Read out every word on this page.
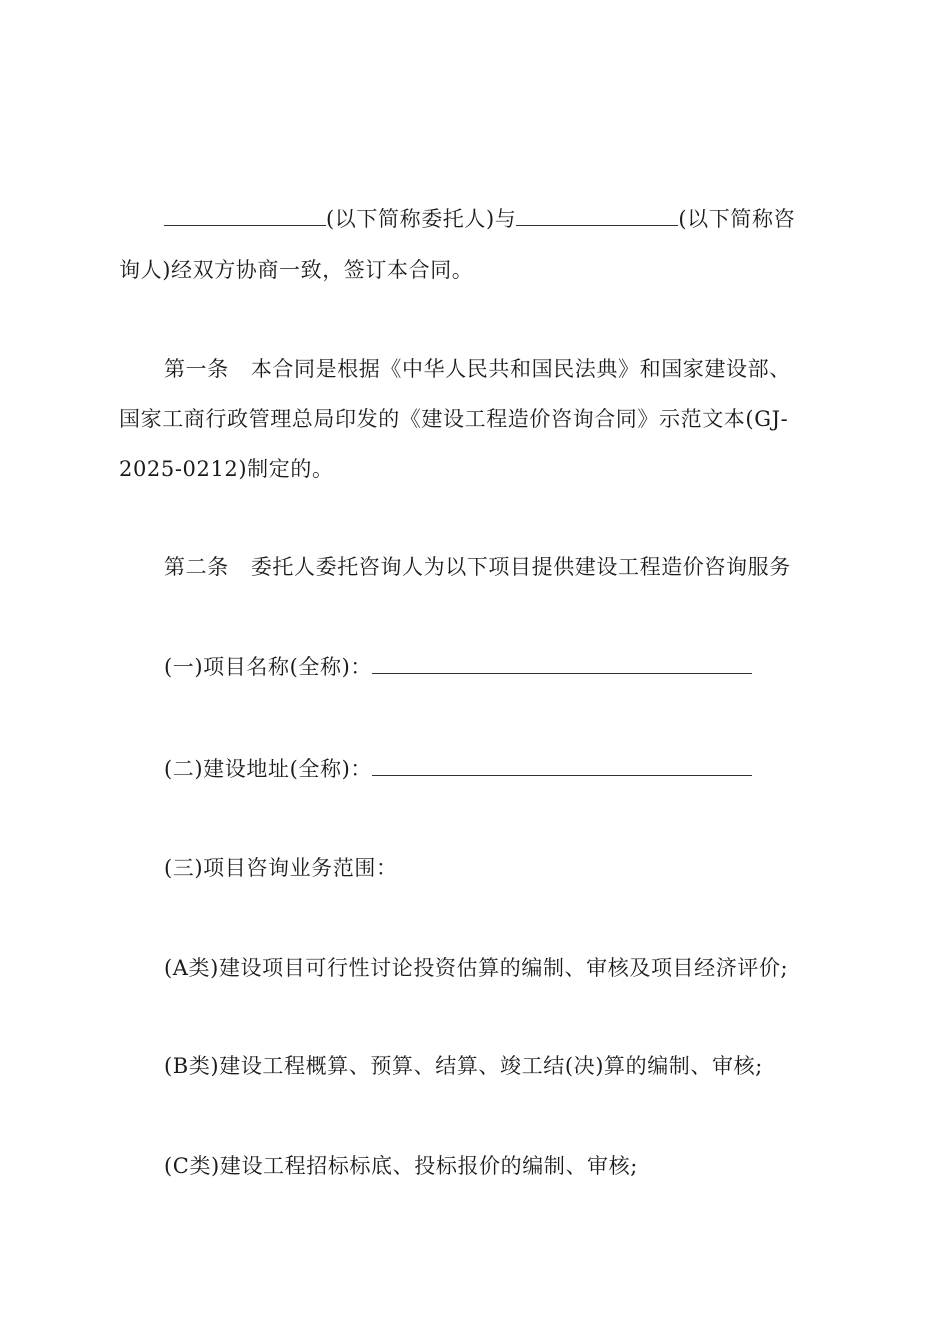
(以下简称委托人)与	(以下简称咨
询人)经双方协商一致，签订本合同。
第一条 本合同是根据《中华人民共和国民法典》和国家建设部、
国家工商行政管理总局印发的《建设工程造价咨询合同》示范文本(GJ-
2025-0212)制定的。
第二条 委托人委托咨询人为以下项目提供建设工程造价咨询服务
(一)项目名称(全称)：
(二)建设地址(全称)：
(三)项目咨询业务范围：
(A类)建设项目可行性讨论投资估算的编制、审核及项目经济评价;
(B类)建设工程概算、预算、结算、竣工结(决)算的编制、审核;
(C类)建设工程招标标底、投标报价的编制、审核;
